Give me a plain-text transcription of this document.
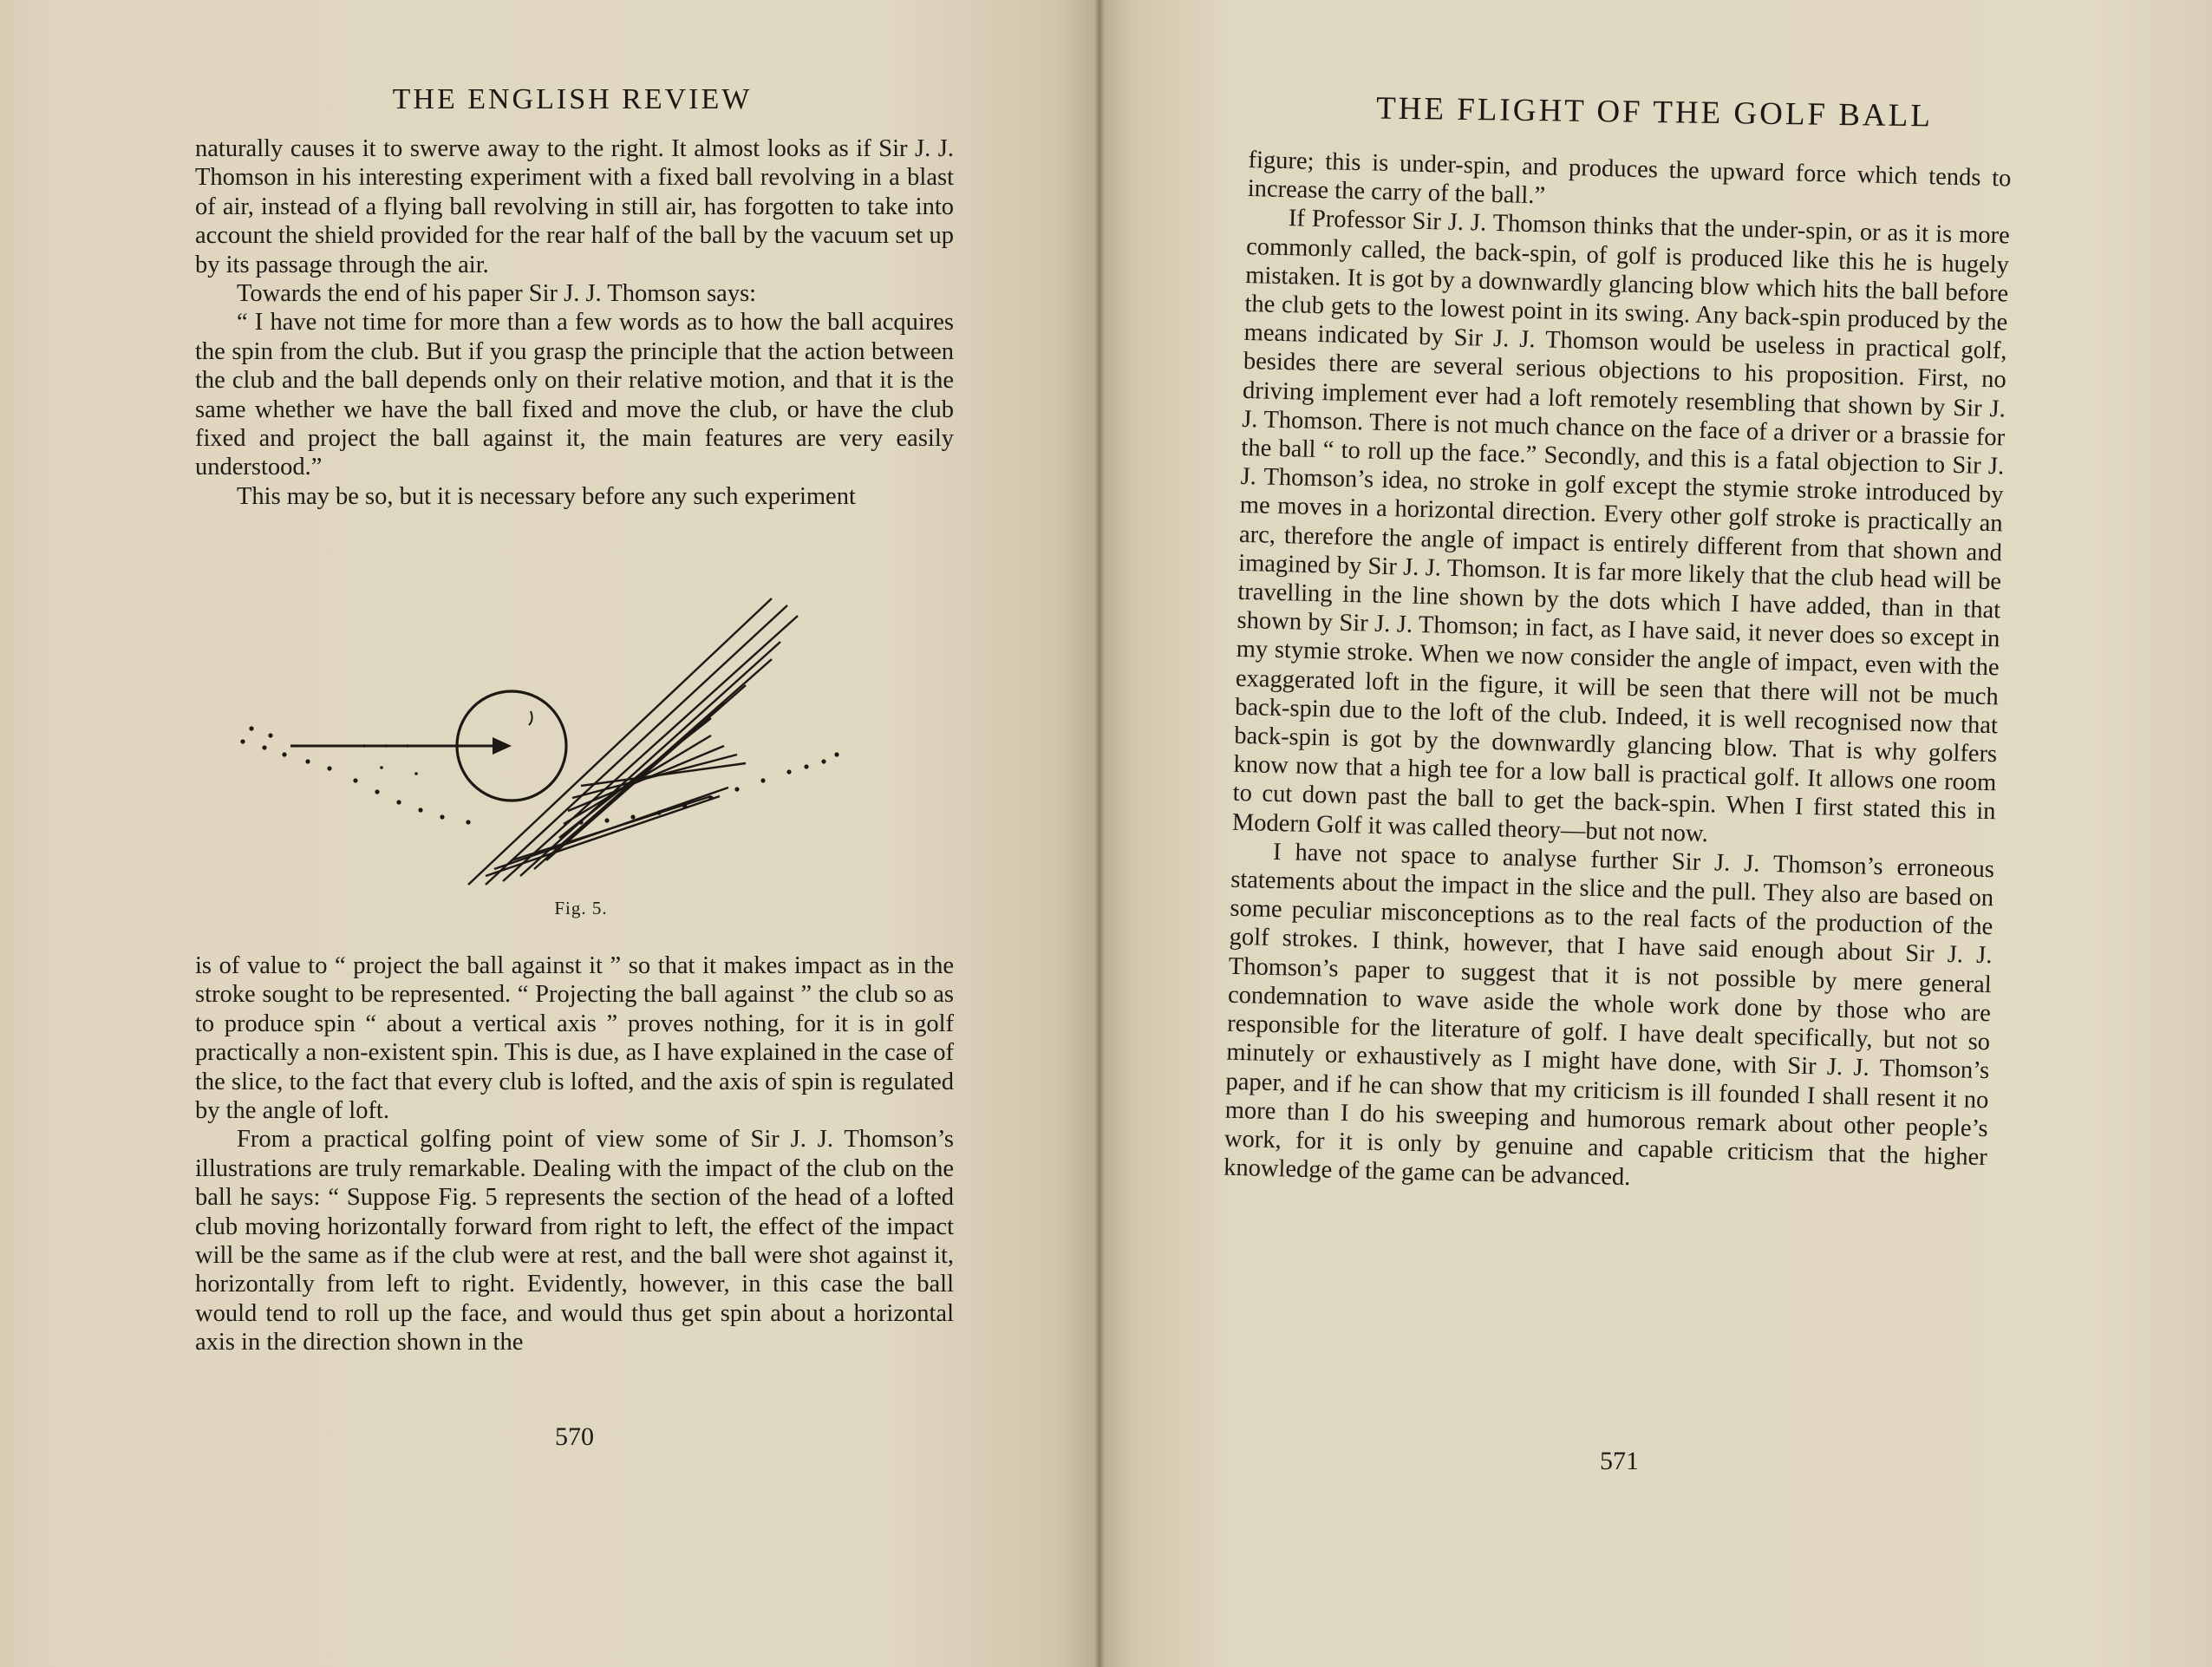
THE ENGLISH REVIEW

naturally causes it to swerve away to the right. It almost looks as if Sir J. J. Thomson in his interesting experiment with a fixed ball revolving in a blast of air, instead of a flying ball revolving in still air, has forgotten to take into account the shield provided for the rear half of the ball by the vacuum set up by its passage through the air.

Towards the end of his paper Sir J. J. Thomson says:

“ I have not time for more than a few words as to how the ball acquires the spin from the club. But if you grasp the principle that the action between the club and the ball depends only on their relative motion, and that it is the same whether we have the ball fixed and move the club, or have the club fixed and project the ball against it, the main features are very easily understood.”

This may be so, but it is necessary before any such experiment

Fig. 5.

is of value to “ project the ball against it ” so that it makes impact as in the stroke sought to be represented. “ Projecting the ball against ” the club so as to produce spin “ about a vertical axis ” proves nothing, for it is in golf practically a non-existent spin. This is due, as I have explained in the case of the slice, to the fact that every club is lofted, and the axis of spin is regulated by the angle of loft.

From a practical golfing point of view some of Sir J. J. Thomson’s illustrations are truly remarkable. Dealing with the impact of the club on the ball he says: “ Suppose Fig. 5 represents the section of the head of a lofted club moving horizontally forward from right to left, the effect of the impact will be the same as if the club were at rest, and the ball were shot against it, horizontally from left to right. Evidently, however, in this case the ball would tend to roll up the face, and would thus get spin about a horizontal axis in the direction shown in the

570
THE FLIGHT OF THE GOLF BALL

figure; this is under-spin, and produces the upward force which tends to increase the carry of the ball.”

If Professor Sir J. J. Thomson thinks that the under-spin, or as it is more commonly called, the back-spin, of golf is produced like this he is hugely mistaken. It is got by a downwardly glancing blow which hits the ball before the club gets to the lowest point in its swing. Any back-spin produced by the means indicated by Sir J. J. Thomson would be useless in practical golf, besides there are several serious objections to his proposition. First, no driving implement ever had a loft remotely resembling that shown by Sir J. J. Thomson. There is not much chance on the face of a driver or a brassie for the ball “ to roll up the face.” Secondly, and this is a fatal objection to Sir J. J. Thomson’s idea, no stroke in golf except the stymie stroke introduced by me moves in a horizontal direction. Every other golf stroke is practically an arc, therefore the angle of impact is entirely different from that shown and imagined by Sir J. J. Thomson. It is far more likely that the club head will be travelling in the line shown by the dots which I have added, than in that shown by Sir J. J. Thomson; in fact, as I have said, it never does so except in my stymie stroke. When we now consider the angle of impact, even with the exaggerated loft in the figure, it will be seen that there will not be much back-spin due to the loft of the club. Indeed, it is well recognised now that back-spin is got by the downwardly glancing blow. That is why golfers know now that a high tee for a low ball is practical golf. It allows one room to cut down past the ball to get the back-spin. When I first stated this in Modern Golf it was called theory—but not now.

I have not space to analyse further Sir J. J. Thomson’s erroneous statements about the impact in the slice and the pull. They also are based on some peculiar misconceptions as to the real facts of the production of the golf strokes. I think, however, that I have said enough about Sir J. J. Thomson’s paper to suggest that it is not possible by mere general condemnation to wave aside the whole work done by those who are responsible for the literature of golf. I have dealt specifically, but not so minutely or exhaustively as I might have done, with Sir J. J. Thomson’s paper, and if he can show that my criticism is ill founded I shall resent it no more than I do his sweeping and humorous remark about other people’s work, for it is only by genuine and capable criticism that the higher knowledge of the game can be advanced.

571
